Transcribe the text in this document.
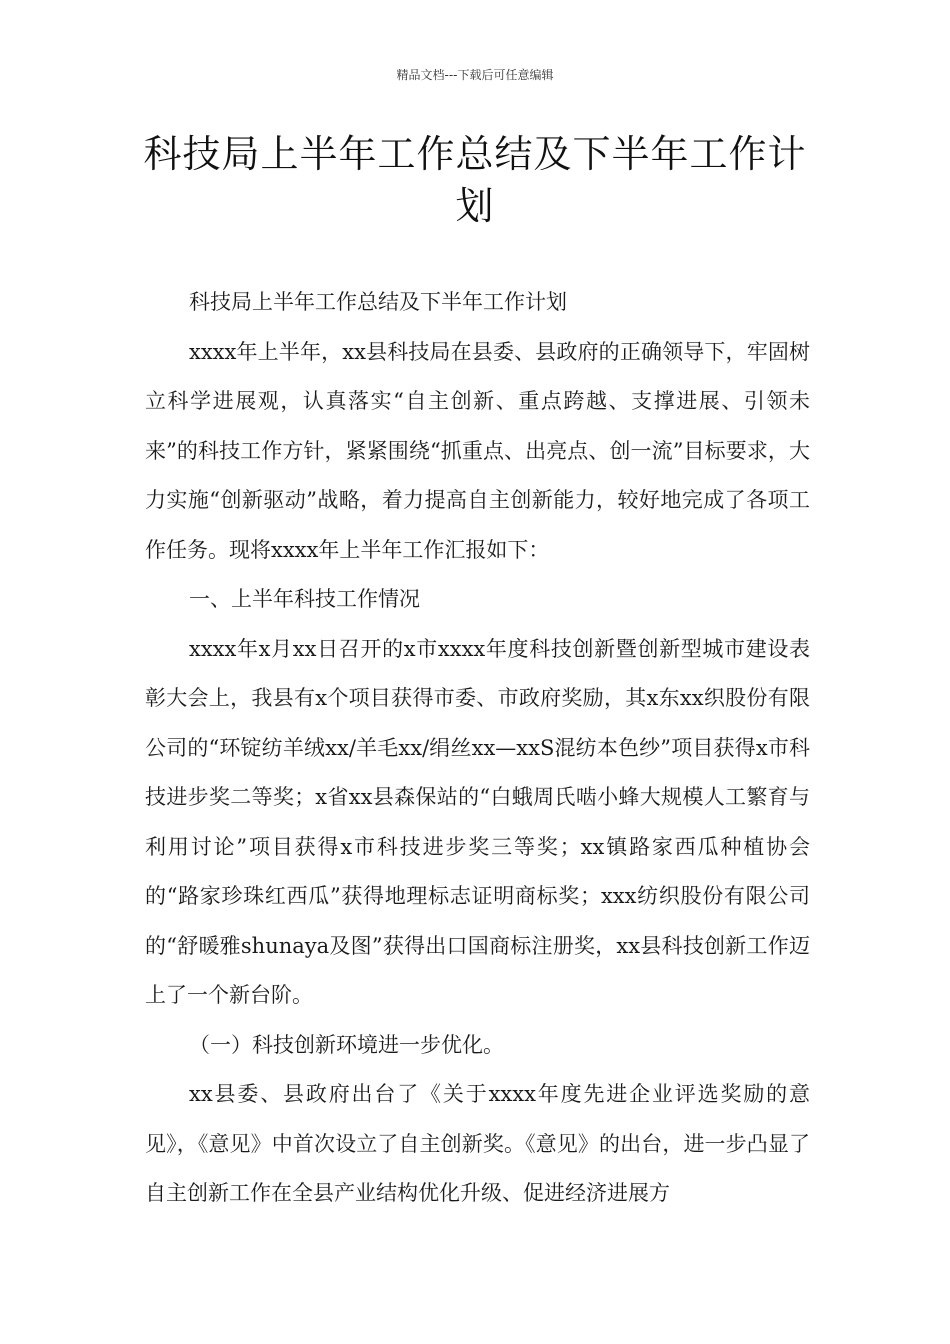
精品文档---下载后可任意编辑
科技局上半年工作总结及下半年工作计划

科技局上半年工作总结及下半年工作计划

xxxx年上半年，xx县科技局在县委、县政府的正确领导下，牢固树立科学进展观，认真落实“自主创新、重点跨越、支撑进展、引领未来”的科技工作方针，紧紧围绕“抓重点、出亮点、创一流”目标要求，大力实施“创新驱动”战略，着力提高自主创新能力，较好地完成了各项工作任务。现将xxxx年上半年工作汇报如下：

一、上半年科技工作情况

xxxx年x月xx日召开的x市xxxx年度科技创新暨创新型城市建设表彰大会上，我县有x个项目获得市委、市政府奖励，其x东xx织股份有限公司的“环锭纺羊绒xx/羊毛xx/绢丝xx—xxS混纺本色纱”项目获得x市科技进步奖二等奖；x省xx县森保站的“白蛾周氏啮小蜂大规模人工繁育与利用讨论”项目获得x市科技进步奖三等奖；xx镇路家西瓜种植协会的“路家珍珠红西瓜”获得地理标志证明商标奖；xxx纺织股份有限公司的“舒暖雅shunaya及图”获得出口国商标注册奖，xx县科技创新工作迈上了一个新台阶。

（一）科技创新环境进一步优化。

xx县委、县政府出台了《关于xxxx年度先进企业评选奖励的意见》，《意见》中首次设立了自主创新奖。《意见》的出台，进一步凸显了自主创新工作在全县产业结构优化升级、促进经济进展方
